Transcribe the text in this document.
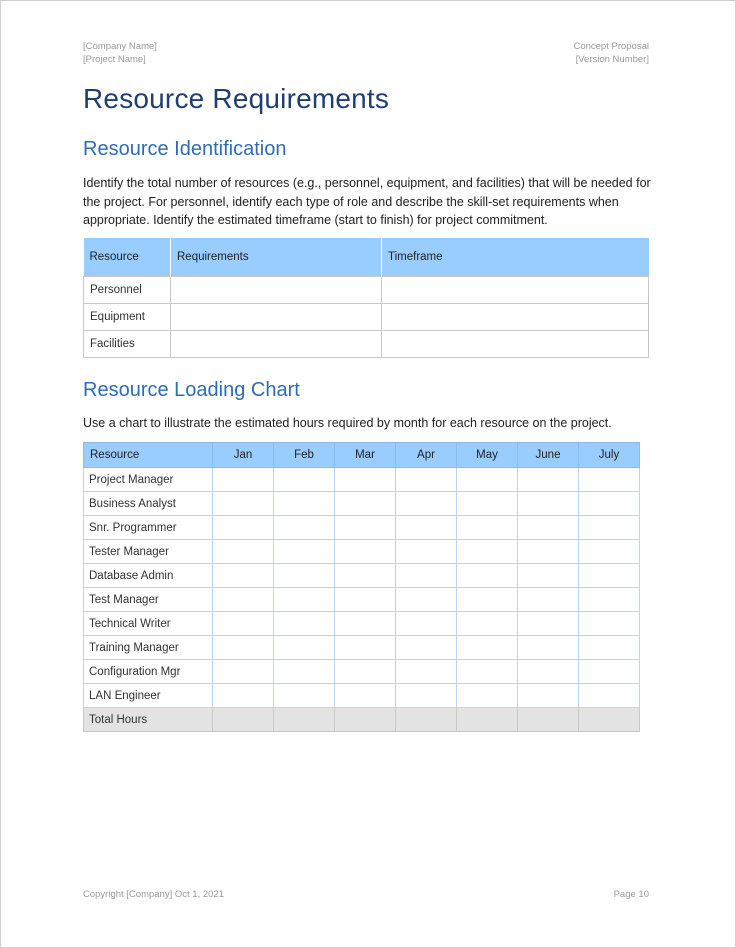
[Company Name]
[Project Name]
Concept Proposal
[Version Number]
Resource Requirements
Resource Identification

Identify the total number of resources (e.g., personnel, equipment, and facilities) that will be needed for the project. For personnel, identify each type of role and describe the skill-set requirements when appropriate. Identify the estimated timeframe (start to finish) for project commitment.

Resource	Requirements	Timeframe
Personnel		
Equipment		
Facilities		
Resource Loading Chart

Use a chart to illustrate the estimated hours required by month for each resource on the project.

Resource	Jan	Feb	Mar	Apr	May	June	July
Project Manager							
Business Analyst							
Snr. Programmer							
Tester Manager							
Database Admin							
Test Manager							
Technical Writer							
Training Manager							
Configuration Mgr							
LAN Engineer							
Total Hours							
Copyright [Company] Oct 1, 2021	Page 10
